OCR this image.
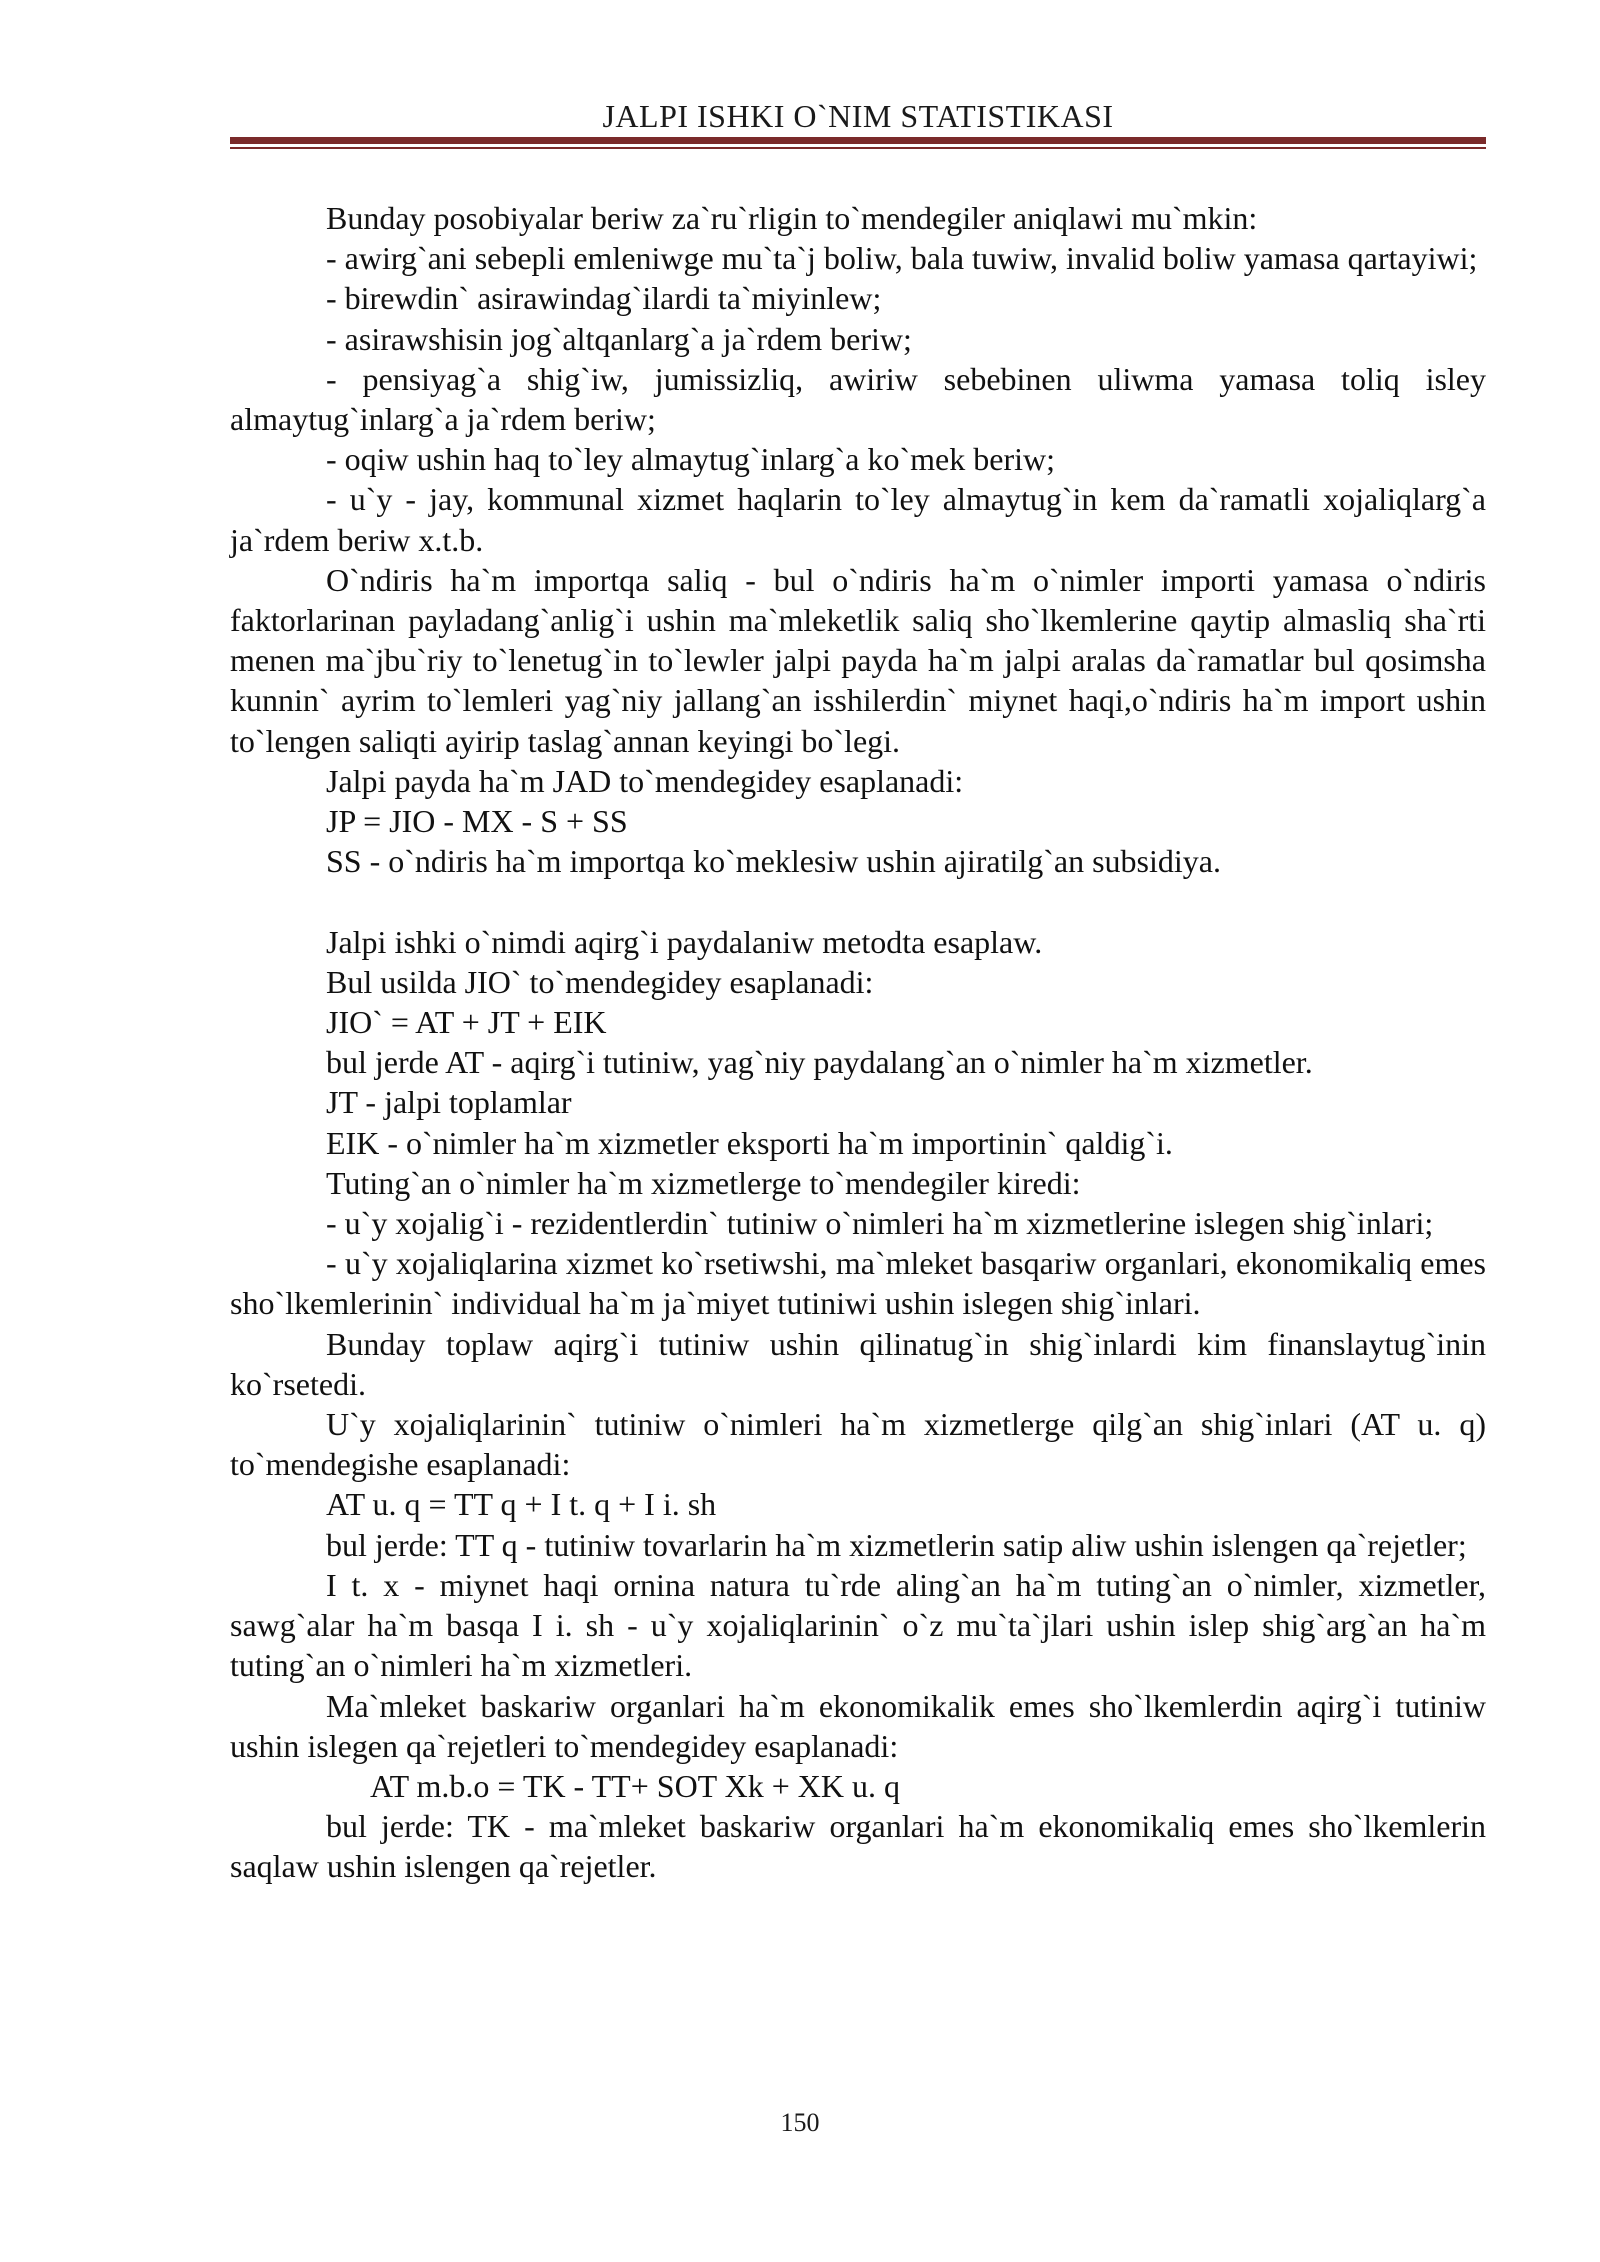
JALPI ISHKI O`NIM STATISTIKASI

Bunday posobiyalar beriw za`ru`rligin to`mendegiler aniqlawi mu`mkin:

- awirg`ani sebepli emleniwge mu`ta`j boliw, bala tuwiw, invalid boliw yamasa qartayiwi;

- birewdin` asirawindag`ilardi ta`miyinlew;

- asirawshisin jog`altqanlarg`a ja`rdem beriw;

- pensiyag`a shig`iw, jumissizliq, awiriw sebebinen uliwma yamasa toliq isley almaytug`inlarg`a ja`rdem beriw;

- oqiw ushin haq to`ley almaytug`inlarg`a ko`mek beriw;

- u`y - jay, kommunal xizmet haqlarin to`ley almaytug`in kem da`ramatli xojaliqlarg`a ja`rdem beriw x.t.b.

O`ndiris ha`m importqa saliq - bul o`ndiris ha`m o`nimler importi yamasa o`ndiris faktorlarinan payladang`anlig`i ushin ma`mleketlik saliq sho`lkemlerine qaytip almasliq sha`rti menen ma`jbu`riy to`lenetug`in to`lewler jalpi payda ha`m jalpi aralas da`ramatlar bul qosimsha kunnin` ayrim to`lemleri yag`niy jallang`an isshilerdin` miynet haqi,o`ndiris ha`m import ushin to`lengen saliqti ayirip taslag`annan keyingi bo`legi.

Jalpi payda ha`m JAD to`mendegidey esaplanadi:

JP = JIO - MX - S + SS

SS - o`ndiris ha`m importqa ko`meklesiw ushin ajiratilg`an subsidiya.

Jalpi ishki o`nimdi aqirg`i paydalaniw metodta esaplaw.

Bul usilda JIO` to`mendegidey esaplanadi:

JIO` = AT + JT + EIK

bul jerde AT - aqirg`i tutiniw, yag`niy paydalang`an o`nimler ha`m xizmetler.

JT - jalpi toplamlar

EIK - o`nimler ha`m xizmetler eksporti ha`m importinin` qaldig`i.

Tuting`an o`nimler ha`m xizmetlerge to`mendegiler kiredi:

- u`y xojalig`i - rezidentlerdin` tutiniw o`nimleri ha`m xizmetlerine islegen shig`inlari;

- u`y xojaliqlarina xizmet ko`rsetiwshi, ma`mleket basqariw organlari, ekonomikaliq emes sho`lkemlerinin` individual ha`m ja`miyet tutiniwi ushin islegen shig`inlari.

Bunday toplaw aqirg`i tutiniw ushin qilinatug`in shig`inlardi kim finanslaytug`inin ko`rsetedi.

U`y xojaliqlarinin` tutiniw o`nimleri ha`m xizmetlerge qilg`an shig`inlari (AT u. q) to`mendegishe esaplanadi:

AT u. q = TT q + I t. q + I i. sh

bul jerde: TT q - tutiniw tovarlarin ha`m xizmetlerin satip aliw ushin islengen qa`rejetler;

I t. x - miynet haqi ornina natura tu`rde aling`an ha`m tuting`an o`nimler, xizmetler, sawg`alar ha`m basqa I i. sh - u`y xojaliqlarinin` o`z mu`ta`jlari ushin islep shig`arg`an ha`m tuting`an o`nimleri ha`m xizmetleri.

Ma`mleket baskariw organlari ha`m ekonomikalik emes sho`lkemlerdin aqirg`i tutiniw ushin islegen qa`rejetleri to`mendegidey esaplanadi:

AT m.b.o = TK - TT+ SOT Xk + XK u. q

bul jerde: TK - ma`mleket baskariw organlari ha`m ekonomikaliq emes sho`lkemlerin saqlaw ushin islengen qa`rejetler.

150
